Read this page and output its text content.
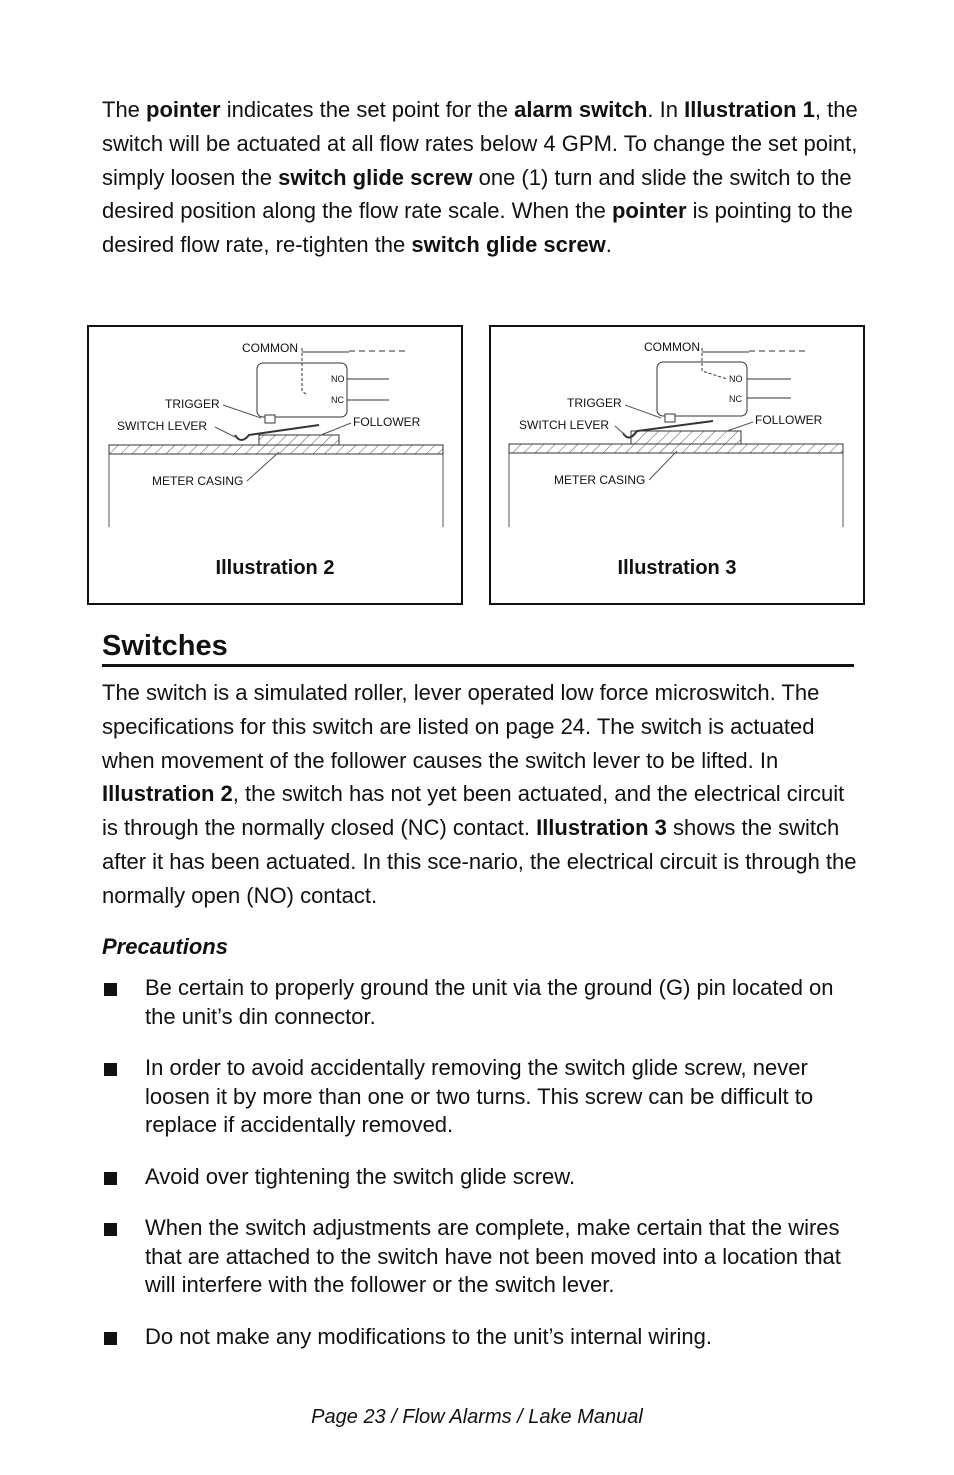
The pointer indicates the set point for the alarm switch. In Illustration 1, the switch will be actuated at all flow rates below 4 GPM. To change the set point, simply loosen the switch glide screw one (1) turn and slide the switch to the desired position along the flow rate scale. When the pointer is pointing to the desired flow rate, re-tighten the switch glide screw.

COMMON
NO
NC
TRIGGER
SWITCH LEVER	FOLLOWER
METER CASING
Illustration 2
COMMON
NO
NC
TRIGGER
SWITCH LEVER	FOLLOWER
METER CASING
Illustration 3
Switches

The switch is a simulated roller, lever operated low force microswitch. The specifications for this switch are listed on page 24. The switch is actuated when movement of the follower causes the switch lever to be lifted. In Illustration 2, the switch has not yet been actuated, and the electrical circuit is through the normally closed (NC) contact. Illustration 3 shows the switch after it has been actuated. In this sce-nario, the electrical circuit is through the normally open (NO) contact.

Precautions
Be certain to properly ground the unit via the ground (G) pin located on the unit’s din connector.
In order to avoid accidentally removing the switch glide screw, never loosen it by more than one or two turns. This screw can be difficult to replace if accidentally removed.
Avoid over tightening the switch glide screw.
When the switch adjustments are complete, make certain that the wires that are attached to the switch have not been moved into a location that will interfere with the follower or the switch lever.
Do not make any modifications to the unit’s internal wiring.
Page 23 / Flow Alarms / Lake Manual
